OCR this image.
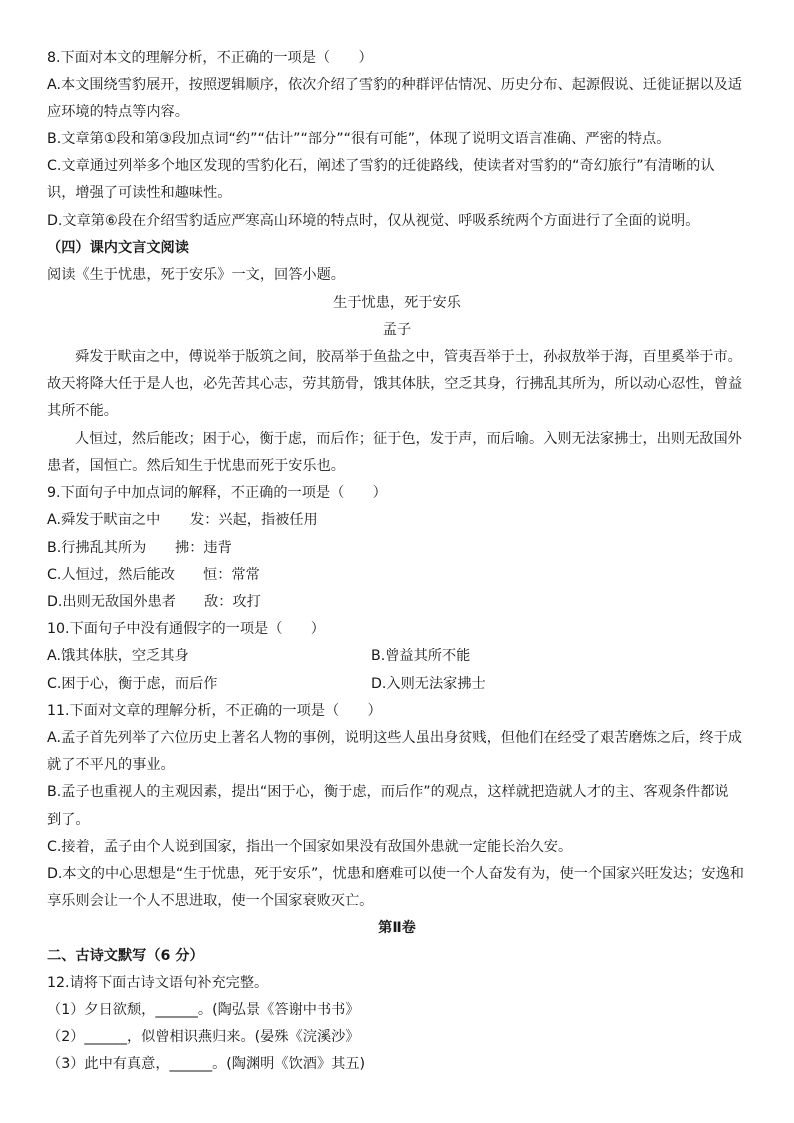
8.下面对本文的理解分析，不正确的一项是（　　）
A.本文围绕雪豹展开，按照逻辑顺序，依次介绍了雪豹的种群评估情况、历史分布、起源假说、迁徙证据以及适
应环境的特点等内容。
B.文章第①段和第③段加点词“约”“估计”“部分”“很有可能”，体现了说明文语言准确、严密的特点。
C.文章通过列举多个地区发现的雪豹化石，阐述了雪豹的迁徙路线，使读者对雪豹的“奇幻旅行”有清晰的认
识，增强了可读性和趣味性。
D.文章第⑥段在介绍雪豹适应严寒高山环境的特点时，仅从视觉、呼吸系统两个方面进行了全面的说明。
（四）课内文言文阅读
阅读《生于忧患，死于安乐》一文，回答小题。
生于忧患，死于安乐
孟子
舜发于畎亩之中，傅说举于版筑之间，胶鬲举于鱼盐之中，管夷吾举于士，孙叔敖举于海，百里奚举于市。
故天将降大任于是人也，必先苦其心志，劳其筋骨，饿其体肤，空乏其身，行拂乱其所为，所以动心忍性，曾益
其所不能。
人恒过，然后能改；困于心，衡于虑，而后作；征于色，发于声，而后喻。入则无法家拂士，出则无敌国外
患者，国恒亡。然后知生于忧患而死于安乐也。
9.下面句子中加点词的解释，不正确的一项是（　　）
A.舜发于畎亩之中 发：兴起，指被任用
B.行拂乱其所为 拂：违背
C.人恒过，然后能改 恒：常常
D.出则无敌国外患者 敌：攻打
10.下面句子中没有通假字的一项是（　　）
A.饿其体肤，空乏其身	B.曾益其所不能
C.困于心，衡于虑，而后作	D.入则无法家拂士
11.下面对文章的理解分析，不正确的一项是（　　）
A.孟子首先列举了六位历史上著名人物的事例，说明这些人虽出身贫贱，但他们在经受了艰苦磨炼之后，终于成
就了不平凡的事业。
B.孟子也重视人的主观因素，提出“困于心，衡于虑，而后作”的观点，这样就把造就人才的主、客观条件都说
到了。
C.接着，孟子由个人说到国家，指出一个国家如果没有敌国外患就一定能长治久安。
D.本文的中心思想是“生于忧患，死于安乐”，忧患和磨难可以使一个人奋发有为，使一个国家兴旺发达；安逸和
享乐则会让一个人不思进取，使一个国家衰败灭亡。
第Ⅱ卷
二、古诗文默写（6 分）
12.请将下面古诗文语句补充完整。
（1）夕日欲颓，______。(陶弘景《答谢中书书》
（2）______，似曾相识燕归来。(晏殊《浣溪沙》
（3）此中有真意，______。(陶渊明《饮酒》其五)
